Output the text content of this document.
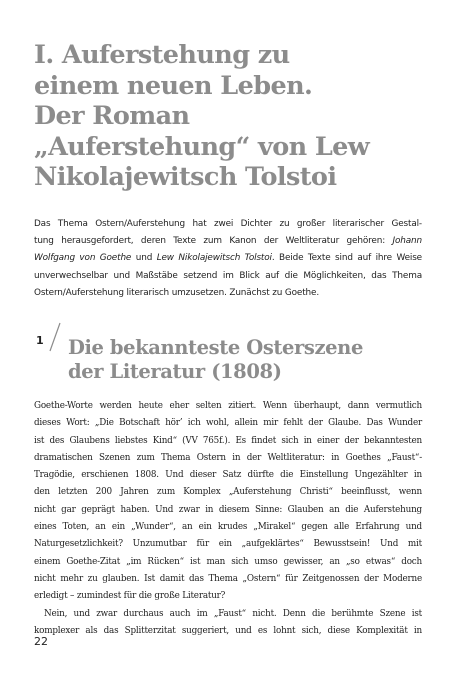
I. Auferstehung zu
einem neuen Leben.
Der Roman
„Auferstehung“ von Lew
Nikolajewitsch Tolstoi

Das Thema Ostern/Auferstehung hat zwei Dichter zu großer literarischer Gestal-
tung herausgefordert, deren Texte zum Kanon der Weltliteratur gehören: Johann
Wolfgang von Goethe und Lew Nikolajewitsch Tolstoi. Beide Texte sind auf ihre Weise
unverwechselbar und Maßstäbe setzend im Blick auf die Möglichkeiten, das Thema
Ostern/Auferstehung literarisch umzusetzen. Zunächst zu Goethe.

1 Die bekannteste Osterszene
der Literatur (1808)

Goethe-Worte werden heute eher selten zitiert. Wenn überhaupt, dann vermutlich
dieses Wort: „Die Botschaft hör’ ich wohl, allein mir fehlt der Glaube. Das Wunder
ist des Glaubens liebstes Kind“ (VV 765f.). Es findet sich in einer der bekanntesten
dramatischen Szenen zum Thema Ostern in der Weltliteratur: in Goethes „Faust“-
Tragödie, erschienen 1808. Und dieser Satz dürfte die Einstellung Ungezählter in
den letzten 200 Jahren zum Komplex „Auferstehung Christi“ beeinflusst, wenn
nicht gar geprägt haben. Und zwar in diesem Sinne: Glauben an die Auferstehung
eines Toten, an ein „Wunder“, an ein krudes „Mirakel“ gegen alle Erfahrung und
Naturgesetzlichkeit? Unzumutbar für ein „aufgeklärtes“ Bewusstsein! Und mit
einem Goethe-Zitat „im Rücken“ ist man sich umso gewisser, an „so etwas“ doch
nicht mehr zu glauben. Ist damit das Thema „Ostern“ für Zeitgenossen der Moderne
erledigt – zumindest für die große Literatur?
Nein, und zwar durchaus auch im „Faust“ nicht. Denn die berühmte Szene ist
komplexer als das Splitterzitat suggeriert, und es lohnt sich, diese Komplexität in

22
